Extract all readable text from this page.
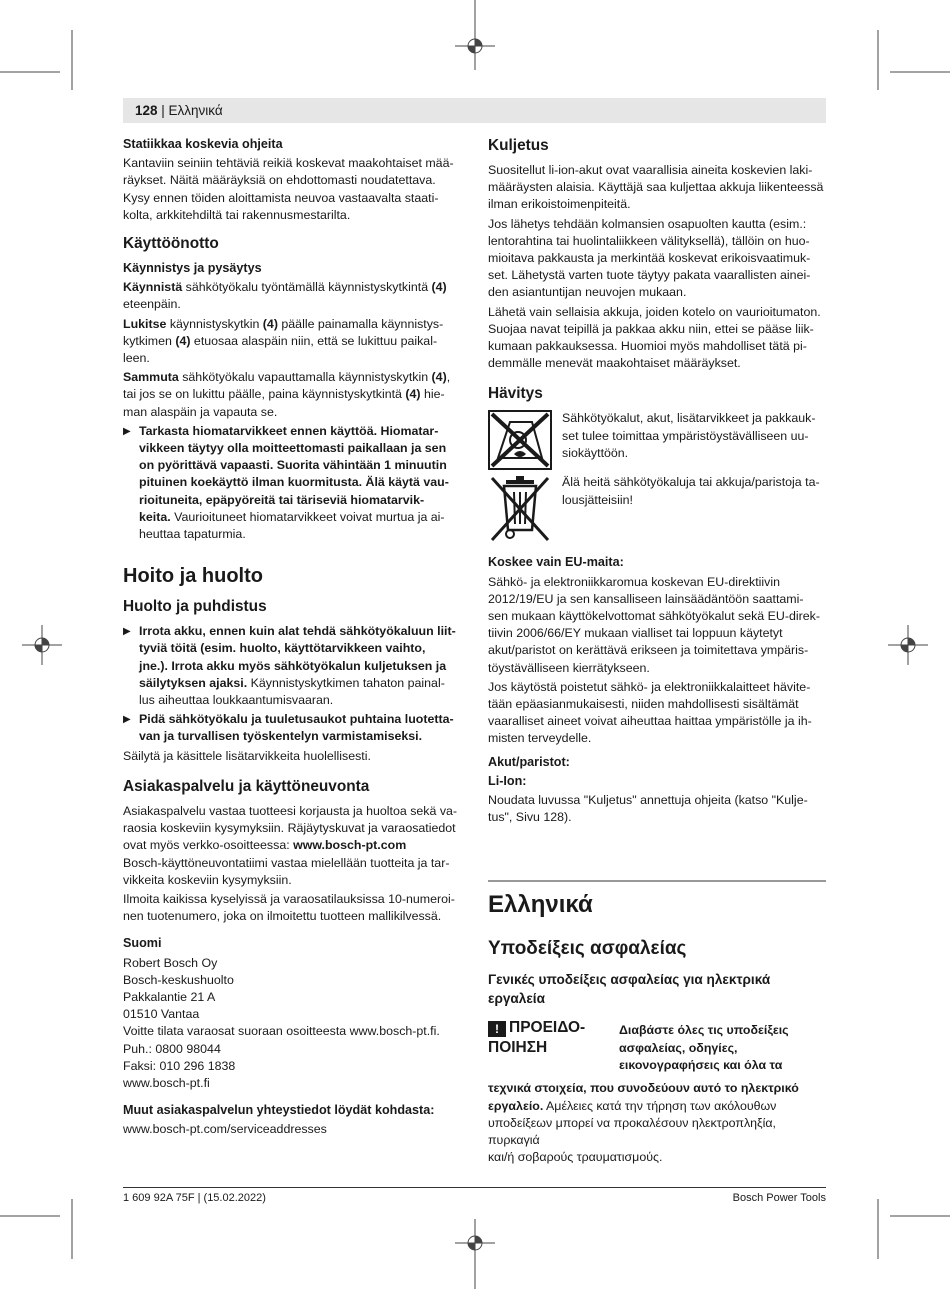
128 | Ελληνικά
Statiikkaa koskevia ohjeita

Kantaviin seiniin tehtäviä reikiä koskevat maakohtaiset mää-
räykset. Näitä määräyksiä on ehdottomasti noudatettava.
Kysy ennen töiden aloittamista neuvoa vastaavalta staati-
kolta, arkkitehdiltä tai rakennusmestarilta.

Käyttöönotto
Käynnistys ja pysäytys

Käynnistä sähkötyökalu työntämällä käynnistyskytkintä (4)
eteenpäin.

Lukitse käynnistyskytkin (4) päälle painamalla käynnistys-
kytkimen (4) etuosaa alaspäin niin, että se lukittuu paikal-
leen.

Sammuta sähkötyökalu vapauttamalla käynnistyskytkin (4),
tai jos se on lukittu päälle, paina käynnistyskytkintä (4) hie-
man alaspäin ja vapauta se.

▶ Tarkasta hiomatarvikkeet ennen käyttöä. Hiomatar-
vikkeen täytyy olla moitteettomasti paikallaan ja sen
on pyörittävä vapaasti. Suorita vähintään 1 minuutin
pituinen koekäyttö ilman kuormitusta. Älä käytä vau-
rioituneita, epäpyöreitä tai täriseviä hiomatarvik-
keita. Vaurioituneet hiomatarvikkeet voivat murtua ja ai-
heuttaa tapaturmia.
Hoito ja huolto
Huolto ja puhdistus
▶ Irrota akku, ennen kuin alat tehdä sähkötyökaluun liit-
tyviä töitä (esim. huolto, käyttötarvikkeen vaihto,
jne.). Irrota akku myös sähkötyökalun kuljetuksen ja
säilytyksen ajaksi. Käynnistyskytkimen tahaton painal-
lus aiheuttaa loukkaantumisvaaran.
▶ Pidä sähkötyökalu ja tuuletusaukot puhtaina luotetta-
van ja turvallisen työskentelyn varmistamiseksi.

Säilytä ja käsittele lisätarvikkeita huolellisesti.

Asiakaspalvelu ja käyttöneuvonta

Asiakaspalvelu vastaa tuotteesi korjausta ja huoltoa sekä va-
raosia koskeviin kysymyksiin. Räjäytyskuvat ja varaosatiedot
ovat myös verkko-osoitteessa: www.bosch-pt.com
Bosch-käyttöneuvontatiimi vastaa mielellään tuotteita ja tar-
vikkeita koskeviin kysymyksiin.

Ilmoita kaikissa kyselyissä ja varaosatilauksissa 10-numeroi-
nen tuotenumero, joka on ilmoitettu tuotteen mallikilvessä.

Suomi

Robert Bosch Oy
Bosch-keskushuolto
Pakkalantie 21 A
01510 Vantaa
Voitte tilata varaosat suoraan osoitteesta www.bosch-pt.fi.
Puh.: 0800 98044
Faksi: 010 296 1838
www.bosch-pt.fi

Muut asiakaspalvelun yhteystiedot löydät kohdasta:

www.bosch-pt.com/serviceaddresses

Kuljetus

Suositellut li-ion-akut ovat vaarallisia aineita koskevien laki-
määräysten alaisia. Käyttäjä saa kuljettaa akkuja liikenteessä
ilman erikoistoimenpiteitä.

Jos lähetys tehdään kolmansien osapuolten kautta (esim.:
lentorahtina tai huolintaliikkeen välityksellä), tällöin on huo-
mioitava pakkausta ja merkintää koskevat erikoisvaatimuk-
set. Lähetystä varten tuote täytyy pakata vaarallisten ainei-
den asiantuntijan neuvojen mukaan.

Lähetä vain sellaisia akkuja, joiden kotelo on vaurioitumaton.
Suojaa navat teipillä ja pakkaa akku niin, ettei se pääse liik-
kumaan pakkauksessa. Huomioi myös mahdolliset tätä pi-
demmälle menevät maakohtaiset määräykset.

Hävitys
Sähkötyökalut, akut, lisätarvikkeet ja pakkauk-
set tulee toimittaa ympäristöystävälliseen uu-
siokäyttöön.
Älä heitä sähkötyökaluja tai akkuja/paristoja ta-
lousjätteisiin!
Koskee vain EU-maita:

Sähkö- ja elektroniikkaromua koskevan EU-direktiivin
2012/19/EU ja sen kansalliseen lainsäädäntöön saattami-
sen mukaan käyttökelvottomat sähkötyökalut sekä EU-direk-
tiivin 2006/66/EY mukaan vialliset tai loppuun käytetyt
akut/paristot on kerättävä erikseen ja toimitettava ympäris-
töystävälliseen kierrätykseen.

Jos käytöstä poistetut sähkö- ja elektroniikkalaitteet hävite-
tään epäasianmukaisesti, niiden mahdollisesti sisältämät
vaaralliset aineet voivat aiheuttaa haittaa ympäristölle ja ih-
misten terveydelle.

Akut/paristot:
Li-Ion:

Noudata luvussa "Kuljetus" annettuja ohjeita (katso "Kulje-
tus", Sivu 128).

Ελληνικά
Υποδείξεις ασφαλείας
Γενικές υποδείξεις ασφαλείας για ηλεκτρικά εργαλεία
! ΠΡΟΕΙΔΟ-
ΠΟΙΗΣΗ
Διαβάστε όλες τις υποδείξεις
ασφαλείας, οδηγίες,
εικονογραφήσεις και όλα τα

τεχνικά στοιχεία, που συνοδεύουν αυτό το ηλεκτρικό
εργαλείο. Αμέλειες κατά την τήρηση των ακόλουθων
υποδείξεων μπορεί να προκαλέσουν ηλεκτροπληξία, πυρκαγιά
και/ή σοβαρούς τραυματισμούς.

1 609 92A 75F | (15.02.2022)	Bosch Power Tools
